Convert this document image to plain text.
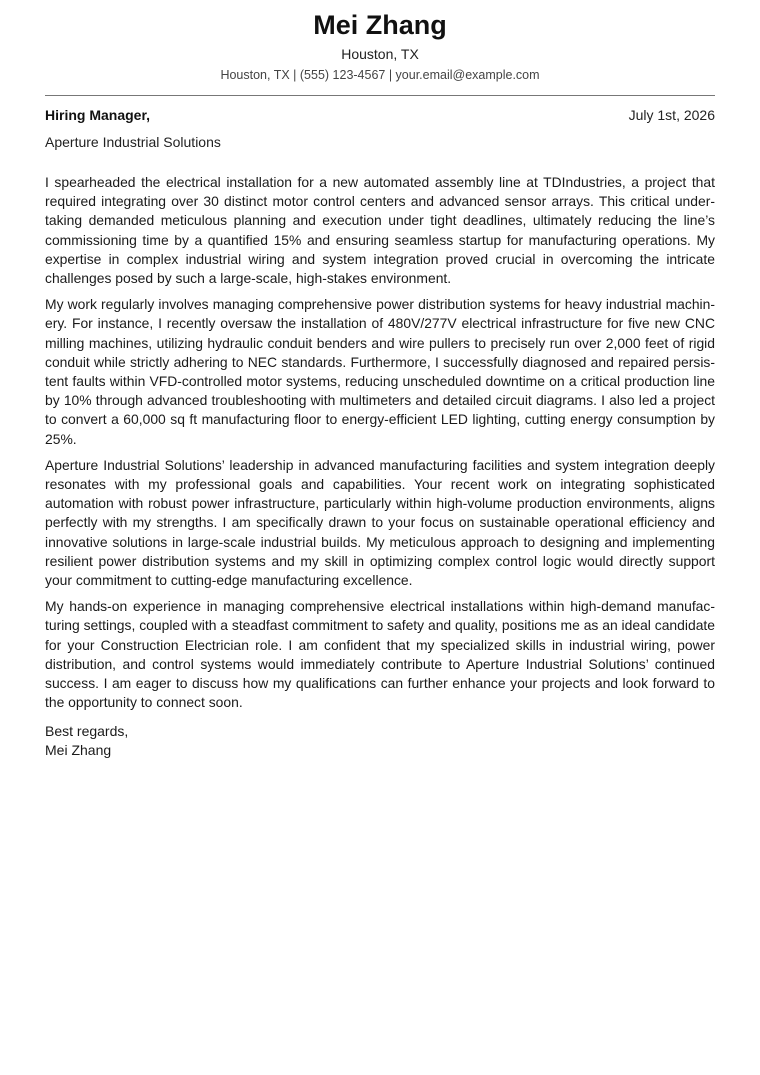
Mei Zhang
Houston, TX
Houston, TX | (555) 123-4567 | your.email@example.com
Hiring Manager,	July 1st, 2026
Aperture Industrial Solutions

I spearheaded the electrical installation for a new automated assembly line at TDIndustries, a project that required integrating over 30 distinct motor control centers and advanced sensor arrays. This critical undertaking demanded meticulous planning and execution under tight deadlines, ultimately reducing the line’s commissioning time by a quantified 15% and ensuring seamless startup for manufacturing operations. My expertise in complex industrial wiring and system integration proved crucial in overcoming the intricate challenges posed by such a large-scale, high-stakes environment.

My work regularly involves managing comprehensive power distribution systems for heavy industrial machinery. For instance, I recently oversaw the installation of 480V/277V electrical infrastructure for five new CNC milling machines, utilizing hydraulic conduit benders and wire pullers to precisely run over 2,000 feet of rigid conduit while strictly adhering to NEC standards. Furthermore, I successfully diagnosed and repaired persistent faults within VFD-controlled motor systems, reducing unscheduled downtime on a critical production line by 10% through advanced troubleshooting with multimeters and detailed circuit diagrams. I also led a project to convert a 60,000 sq ft manufacturing floor to energy-efficient LED lighting, cutting energy consumption by 25%.

Aperture Industrial Solutions’ leadership in advanced manufacturing facilities and system integration deeply resonates with my professional goals and capabilities. Your recent work on integrating sophisticated automation with robust power infrastructure, particularly within high-volume production environments, aligns perfectly with my strengths. I am specifically drawn to your focus on sustainable operational efficiency and innovative solutions in large-scale industrial builds. My meticulous approach to designing and implementing resilient power distribution systems and my skill in optimizing complex control logic would directly support your commitment to cutting-edge manufacturing excellence.

My hands-on experience in managing comprehensive electrical installations within high-demand manufacturing settings, coupled with a steadfast commitment to safety and quality, positions me as an ideal candidate for your Construction Electrician role. I am confident that my specialized skills in industrial wiring, power distribution, and control systems would immediately contribute to Aperture Industrial Solutions’ continued success. I am eager to discuss how my qualifications can further enhance your projects and look forward to the opportunity to connect soon.

Best regards,
Mei Zhang
